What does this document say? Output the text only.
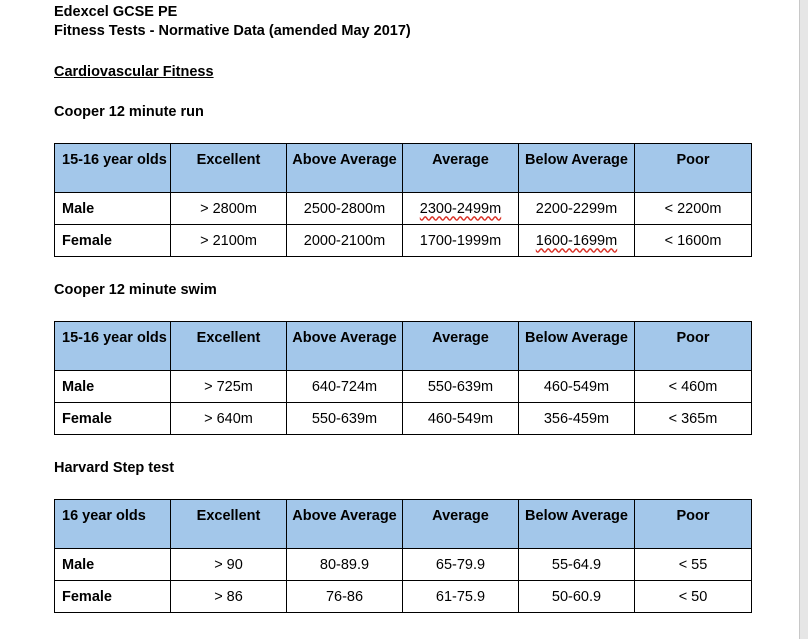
Edexcel GCSE PE
Fitness Tests - Normative Data (amended May 2017)
Cardiovascular Fitness
Cooper 12 minute run
15-16 year olds	Excellent	Above Average	Average	Below Average	Poor
Male	> 2800m	2500-2800m	2300-2499m	2200-2299m	< 2200m
Female	> 2100m	2000-2100m	1700-1999m	1600-1699m	< 1600m
Cooper 12 minute swim
15-16 year olds	Excellent	Above Average	Average	Below Average	Poor
Male	> 725m	640-724m	550-639m	460-549m	< 460m
Female	> 640m	550-639m	460-549m	356-459m	< 365m
Harvard Step test
16 year olds	Excellent	Above Average	Average	Below Average	Poor
Male	> 90	80-89.9	65-79.9	55-64.9	< 55
Female	> 86	76-86	61-75.9	50-60.9	< 50
